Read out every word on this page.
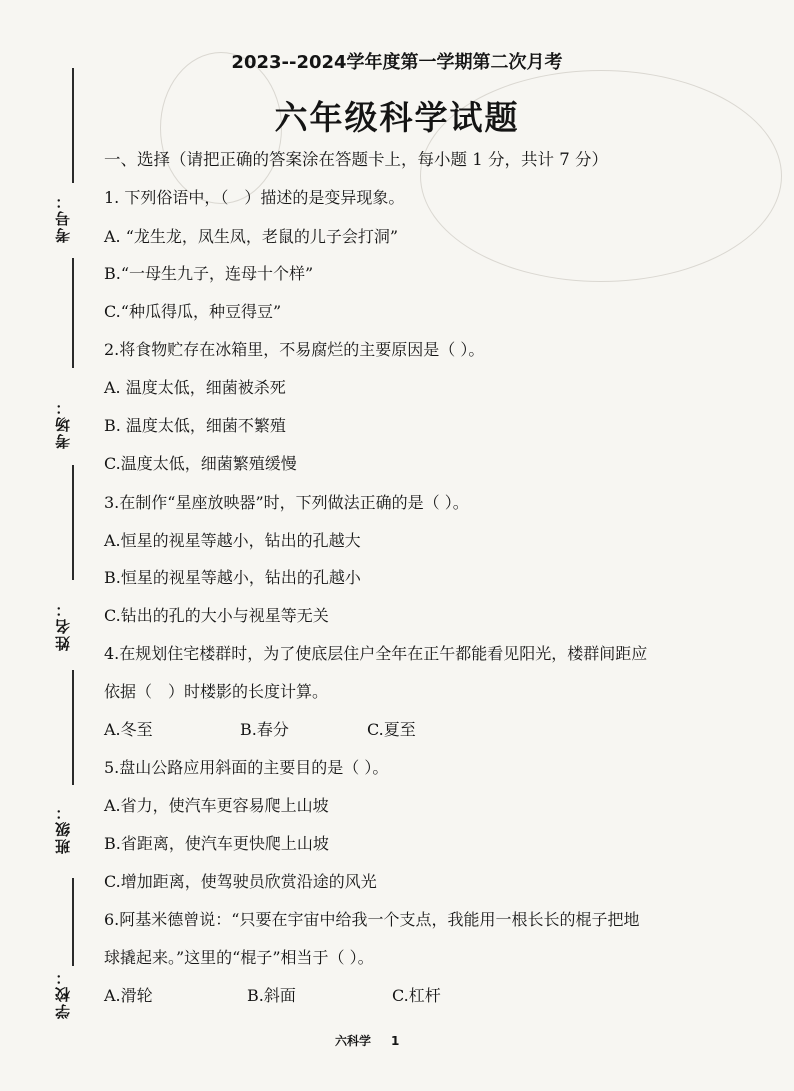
考号：
考场：
姓名：
班级：
学校：
2023--2024学年度第一学期第二次月考
六年级科学试题
一、选择（请把正确的答案涂在答题卡上，每小题 1 分，共计 7 分）
1. 下列俗语中，（　）描述的是变异现象。
A. “龙生龙，凤生凤，老鼠的儿子会打洞”
B.“一母生九子，连母十个样”
C.“种瓜得瓜，种豆得豆”
2.将食物贮存在冰箱里，不易腐烂的主要原因是（ ）。
A. 温度太低，细菌被杀死
B. 温度太低，细菌不繁殖
C.温度太低，细菌繁殖缓慢
3.在制作“星座放映器”时，下列做法正确的是（ ）。
A.恒星的视星等越小，钻出的孔越大
B.恒星的视星等越小，钻出的孔越小
C.钻出的孔的大小与视星等无关
4.在规划住宅楼群时，为了使底层住户全年在正午都能看见阳光，楼群间距应
依据（　）时楼影的长度计算。
A.冬至	B.春分	C.夏至
5.盘山公路应用斜面的主要目的是（ ）。
A.省力，使汽车更容易爬上山坡
B.省距离，使汽车更快爬上山坡
C.增加距离，使驾驶员欣赏沿途的风光
6.阿基米德曾说：“只要在宇宙中给我一个支点，我能用一根长长的棍子把地
球撬起来。”这里的“棍子”相当于（ ）。
A.滑轮	B.斜面	C.杠杆
六科学 1
